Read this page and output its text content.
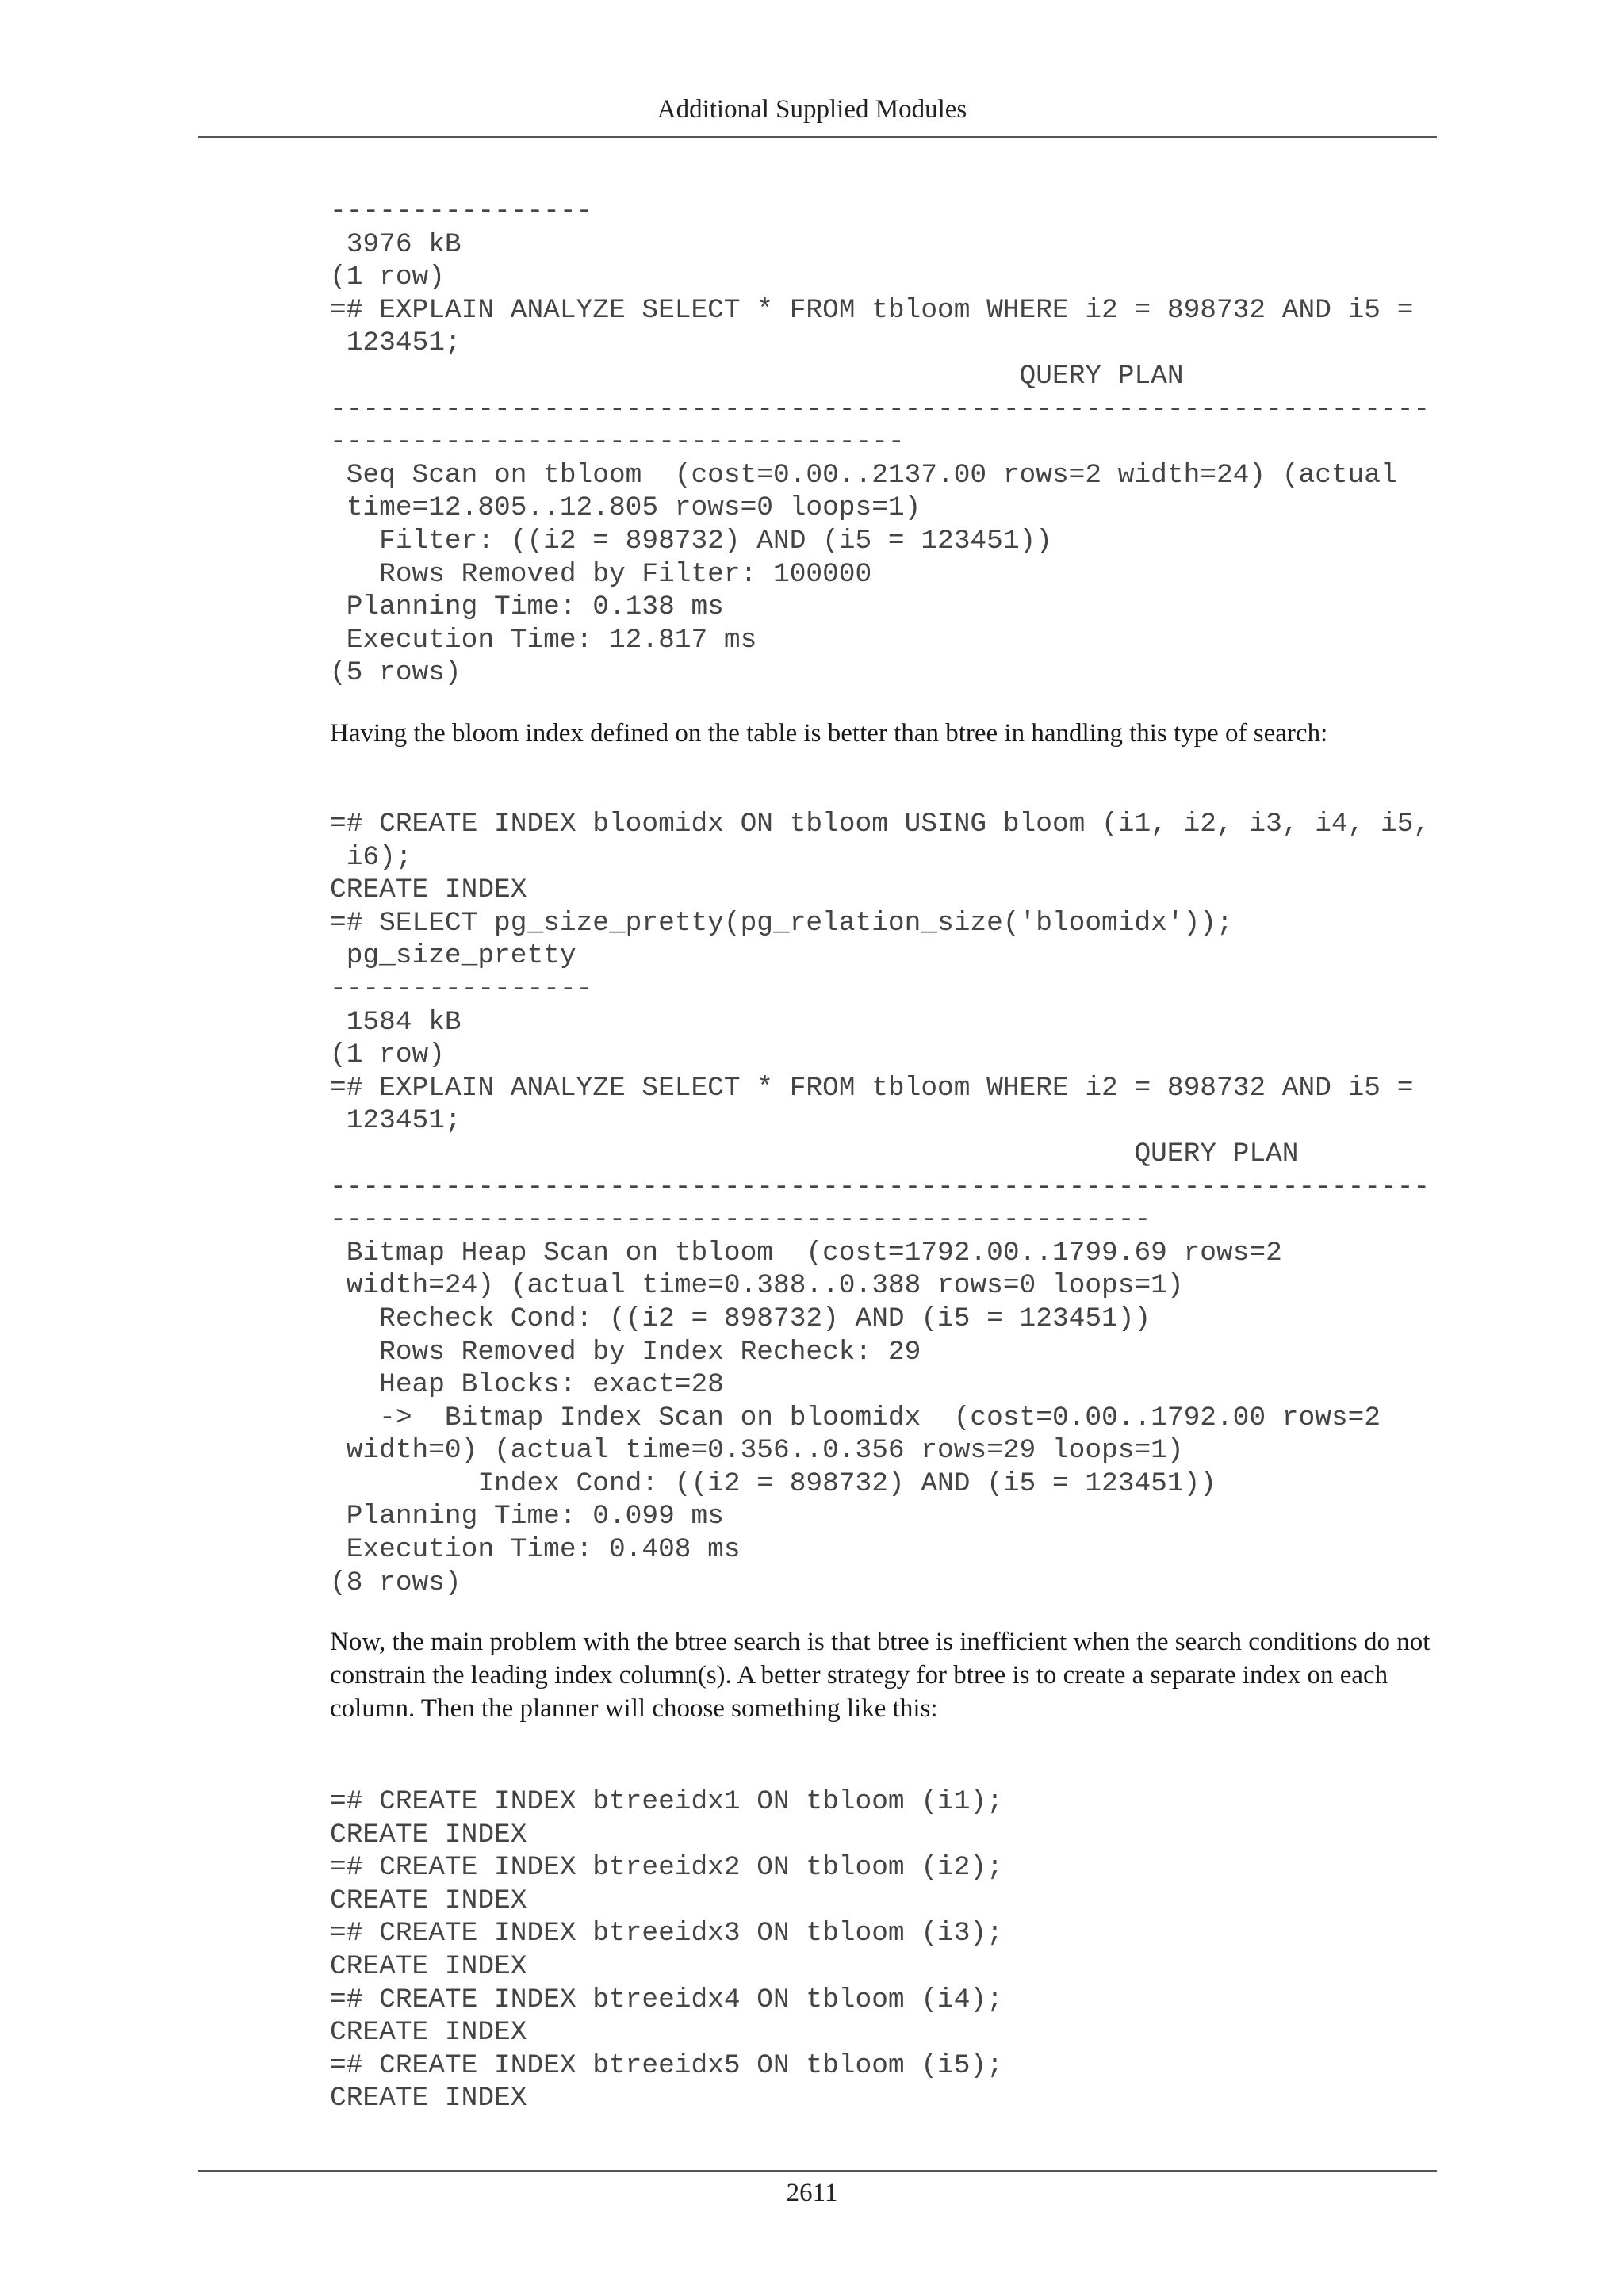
Additional Supplied Modules
----------------
3976 kB
(1 row)
=# EXPLAIN ANALYZE SELECT * FROM tbloom WHERE i2 = 898732 AND i5 =
123451;
QUERY PLAN
-------------------------------------------------------------------
-----------------------------------
Seq Scan on tbloom  (cost=0.00..2137.00 rows=2 width=24) (actual
time=12.805..12.805 rows=0 loops=1)
Filter: ((i2 = 898732) AND (i5 = 123451))
Rows Removed by Filter: 100000
Planning Time: 0.138 ms
Execution Time: 12.817 ms
(5 rows)

Having the bloom index defined on the table is better than btree in handling this type of search:

=# CREATE INDEX bloomidx ON tbloom USING bloom (i1, i2, i3, i4, i5,
i6);
CREATE INDEX
=# SELECT pg_size_pretty(pg_relation_size('bloomidx'));
pg_size_pretty
----------------
1584 kB
(1 row)
=# EXPLAIN ANALYZE SELECT * FROM tbloom WHERE i2 = 898732 AND i5 =
123451;
QUERY PLAN
-------------------------------------------------------------------
--------------------------------------------------
Bitmap Heap Scan on tbloom  (cost=1792.00..1799.69 rows=2
width=24) (actual time=0.388..0.388 rows=0 loops=1)
Recheck Cond: ((i2 = 898732) AND (i5 = 123451))
Rows Removed by Index Recheck: 29
Heap Blocks: exact=28
->  Bitmap Index Scan on bloomidx  (cost=0.00..1792.00 rows=2
width=0) (actual time=0.356..0.356 rows=29 loops=1)
Index Cond: ((i2 = 898732) AND (i5 = 123451))
Planning Time: 0.099 ms
Execution Time: 0.408 ms
(8 rows)

Now, the main problem with the btree search is that btree is inefficient when the search conditions do not constrain the leading index column(s). A better strategy for btree is to create a separate index on each column. Then the planner will choose something like this:

=# CREATE INDEX btreeidx1 ON tbloom (i1);
CREATE INDEX
=# CREATE INDEX btreeidx2 ON tbloom (i2);
CREATE INDEX
=# CREATE INDEX btreeidx3 ON tbloom (i3);
CREATE INDEX
=# CREATE INDEX btreeidx4 ON tbloom (i4);
CREATE INDEX
=# CREATE INDEX btreeidx5 ON tbloom (i5);
CREATE INDEX
2611
